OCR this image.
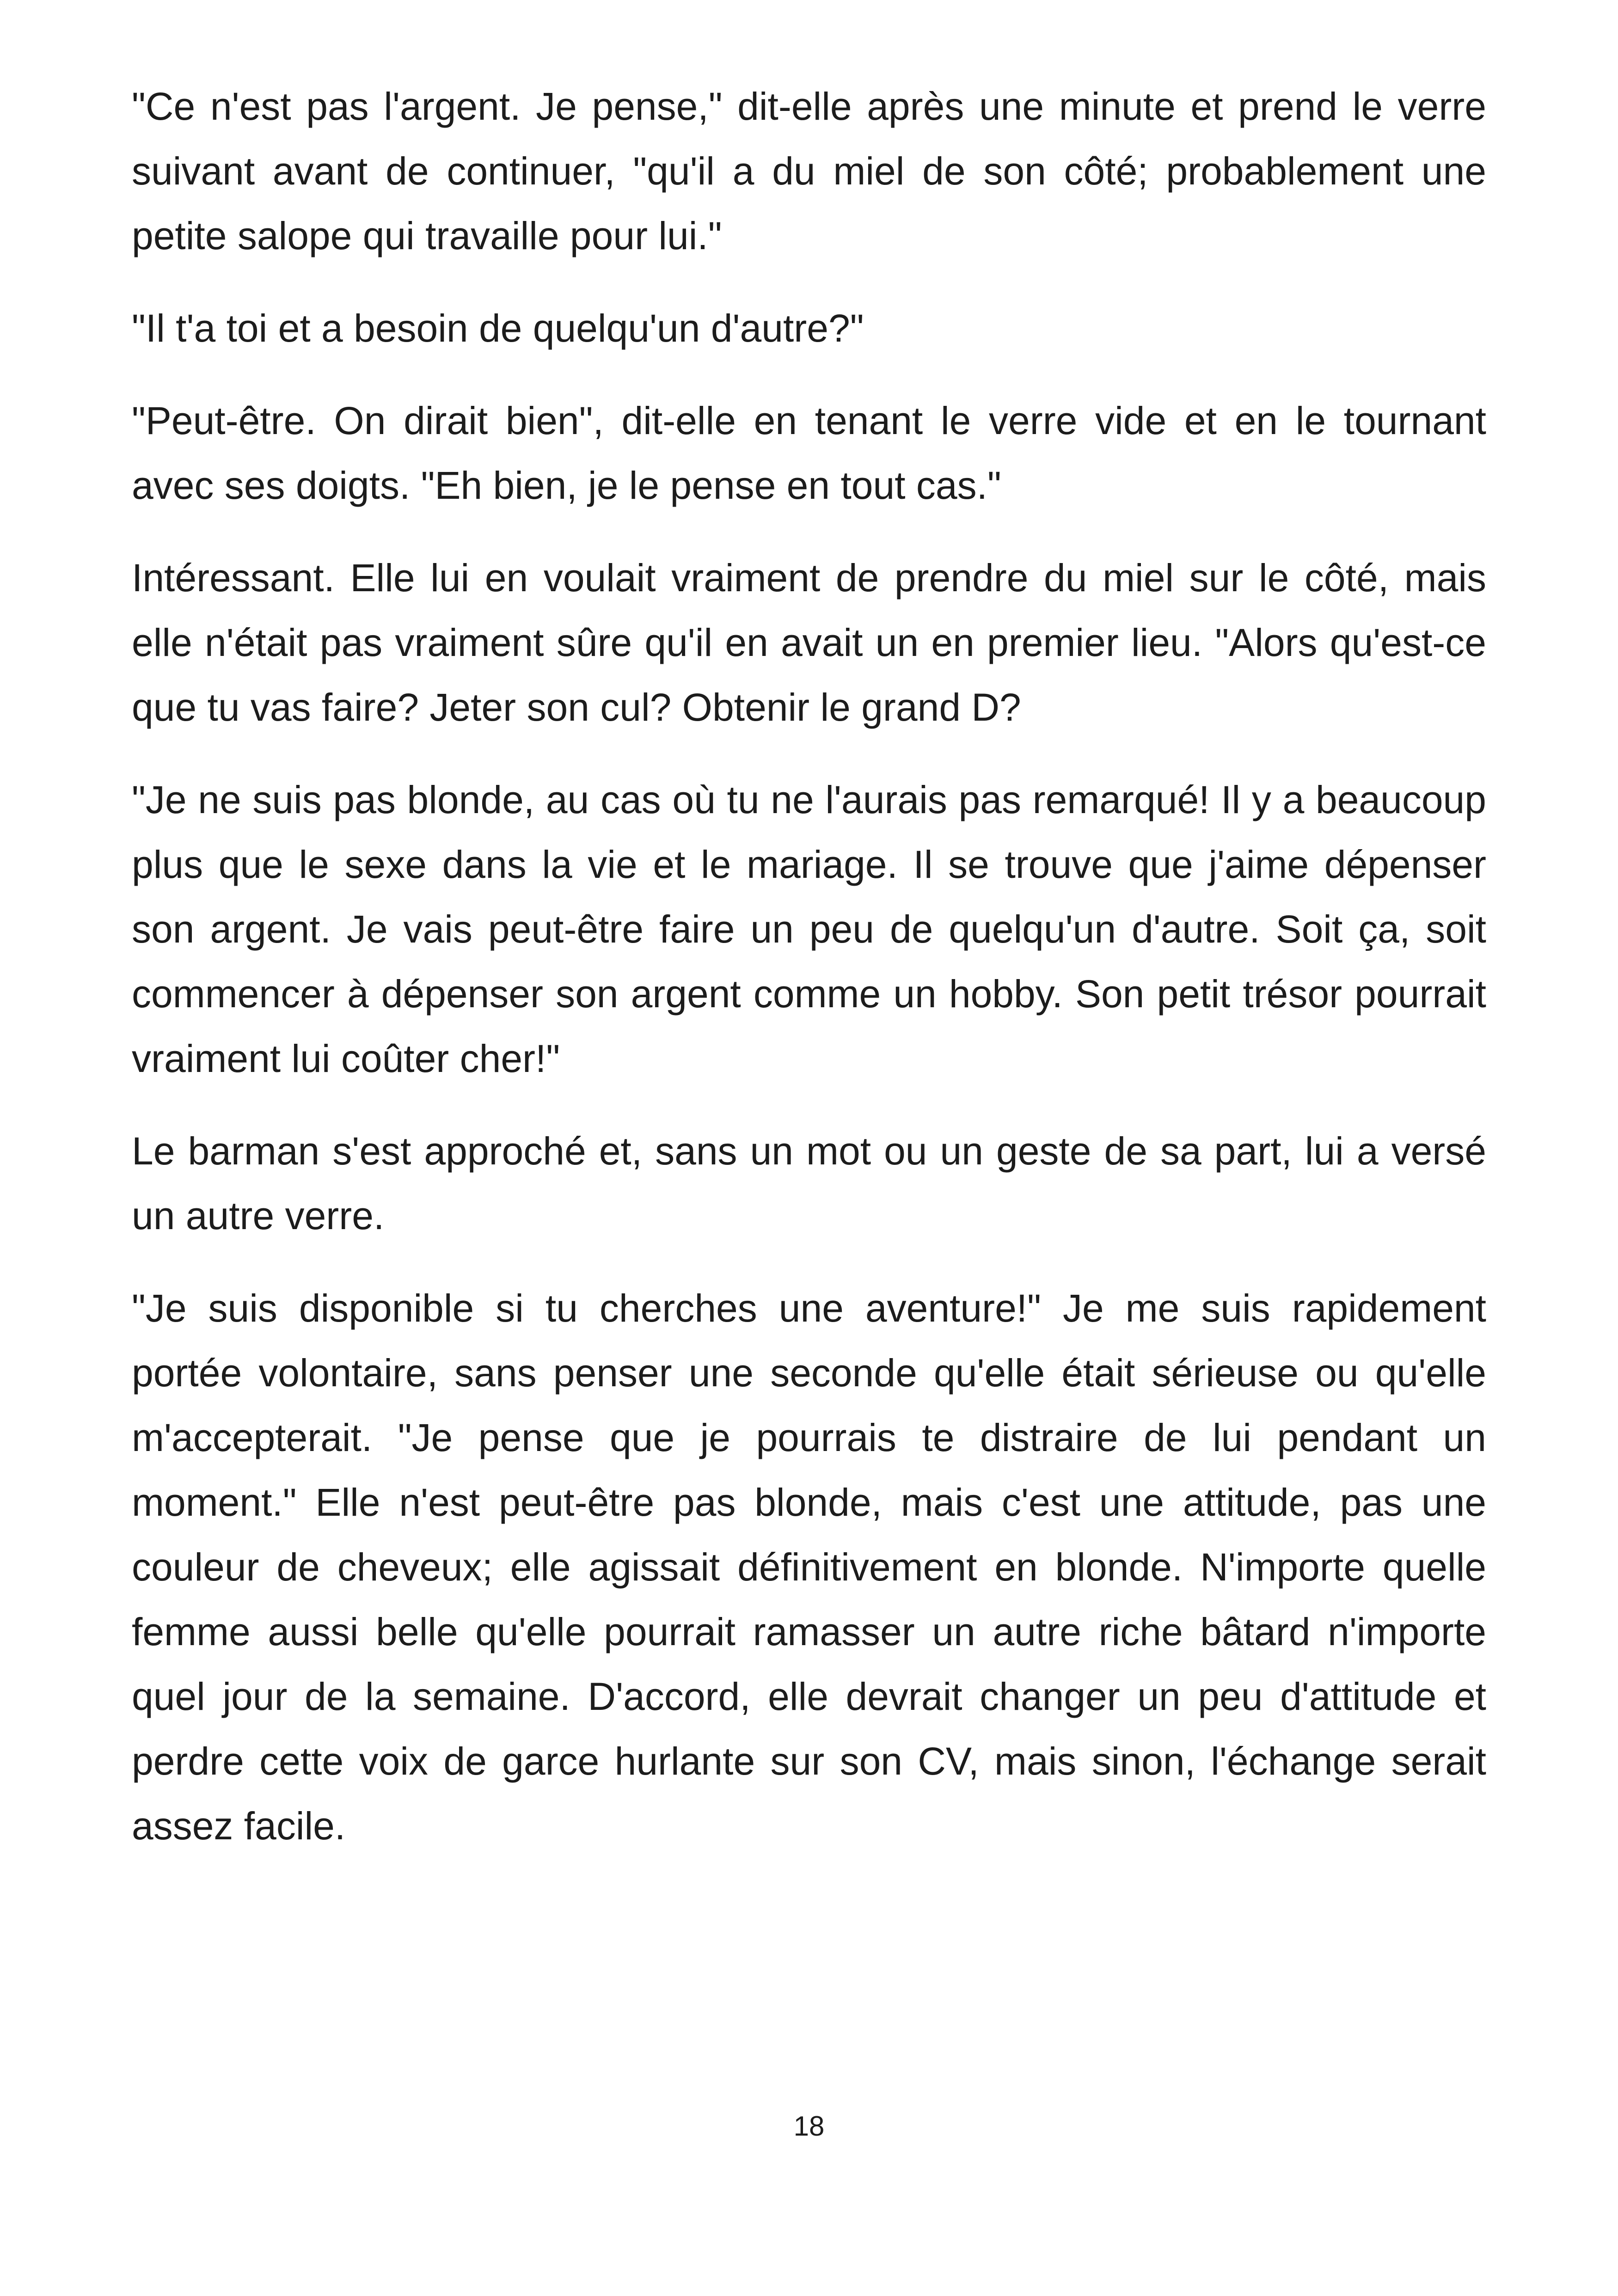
"Ce n'est pas l'argent. Je pense," dit-elle après une minute et prend le verre suivant avant de continuer, "qu'il a du miel de son côté; probablement une petite salope qui travaille pour lui."

"Il t'a toi et a besoin de quelqu'un d'autre?"

"Peut-être. On dirait bien", dit-elle en tenant le verre vide et en le tournant avec ses doigts. "Eh bien, je le pense en tout cas."

Intéressant. Elle lui en voulait vraiment de prendre du miel sur le côté, mais elle n'était pas vraiment sûre qu'il en avait un en premier lieu. "Alors qu'est-ce que tu vas faire? Jeter son cul? Obtenir le grand D?

"Je ne suis pas blonde, au cas où tu ne l'aurais pas remarqué! Il y a beaucoup plus que le sexe dans la vie et le mariage. Il se trouve que j'aime dépenser son argent. Je vais peut-être faire un peu de quelqu'un d'autre. Soit ça, soit commencer à dépenser son argent comme un hobby. Son petit trésor pourrait vraiment lui coûter cher!"

Le barman s'est approché et, sans un mot ou un geste de sa part, lui a versé un autre verre.

"Je suis disponible si tu cherches une aventure!" Je me suis rapidement portée volontaire, sans penser une seconde qu'elle était sérieuse ou qu'elle m'accepterait. "Je pense que je pourrais te distraire de lui pendant un moment." Elle n'est peut-être pas blonde, mais c'est une attitude, pas une couleur de cheveux; elle agissait définitivement en blonde. N'importe quelle femme aussi belle qu'elle pourrait ramasser un autre riche bâtard n'importe quel jour de la semaine. D'accord, elle devrait changer un peu d'attitude et perdre cette voix de garce hurlante sur son CV, mais sinon, l'échange serait assez facile.

18
